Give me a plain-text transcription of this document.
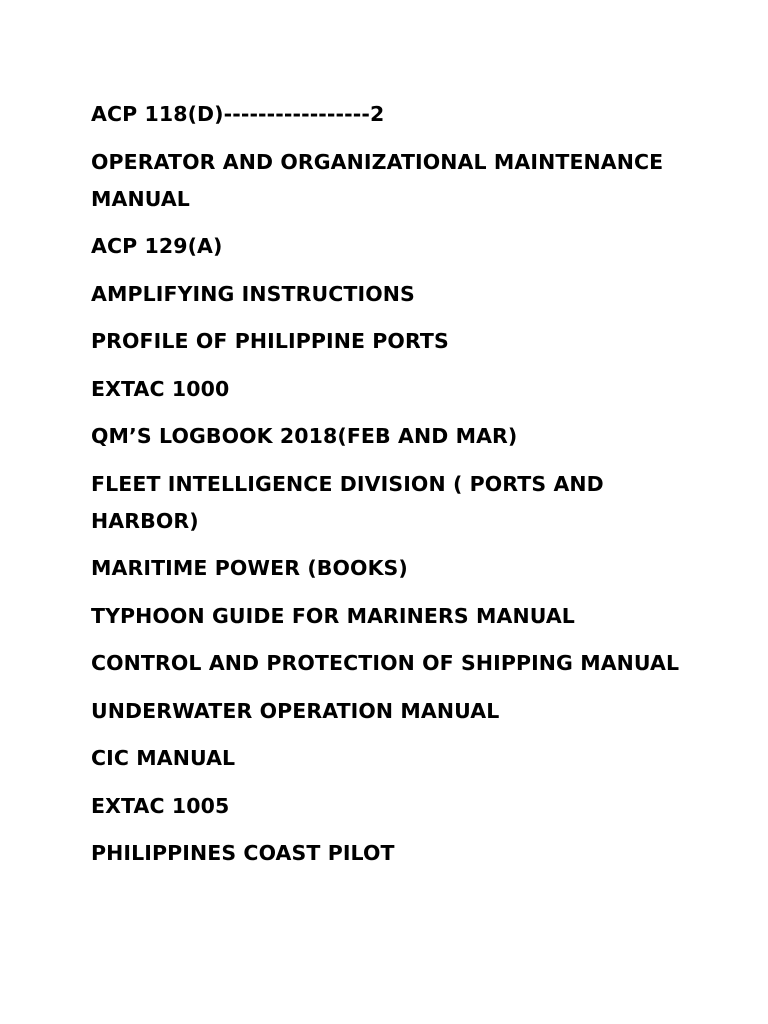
ACP 118(D)-----------------2
OPERATOR AND ORGANIZATIONAL MAINTENANCE MANUAL
ACP 129(A)
AMPLIFYING INSTRUCTIONS
PROFILE OF PHILIPPINE PORTS
EXTAC 1000
QM’S LOGBOOK 2018(FEB AND MAR)
FLEET INTELLIGENCE DIVISION ( PORTS AND HARBOR)
MARITIME POWER (BOOKS)
TYPHOON GUIDE FOR MARINERS MANUAL
CONTROL AND PROTECTION OF SHIPPING MANUAL
UNDERWATER OPERATION MANUAL
CIC MANUAL
EXTAC 1005
PHILIPPINES COAST PILOT
